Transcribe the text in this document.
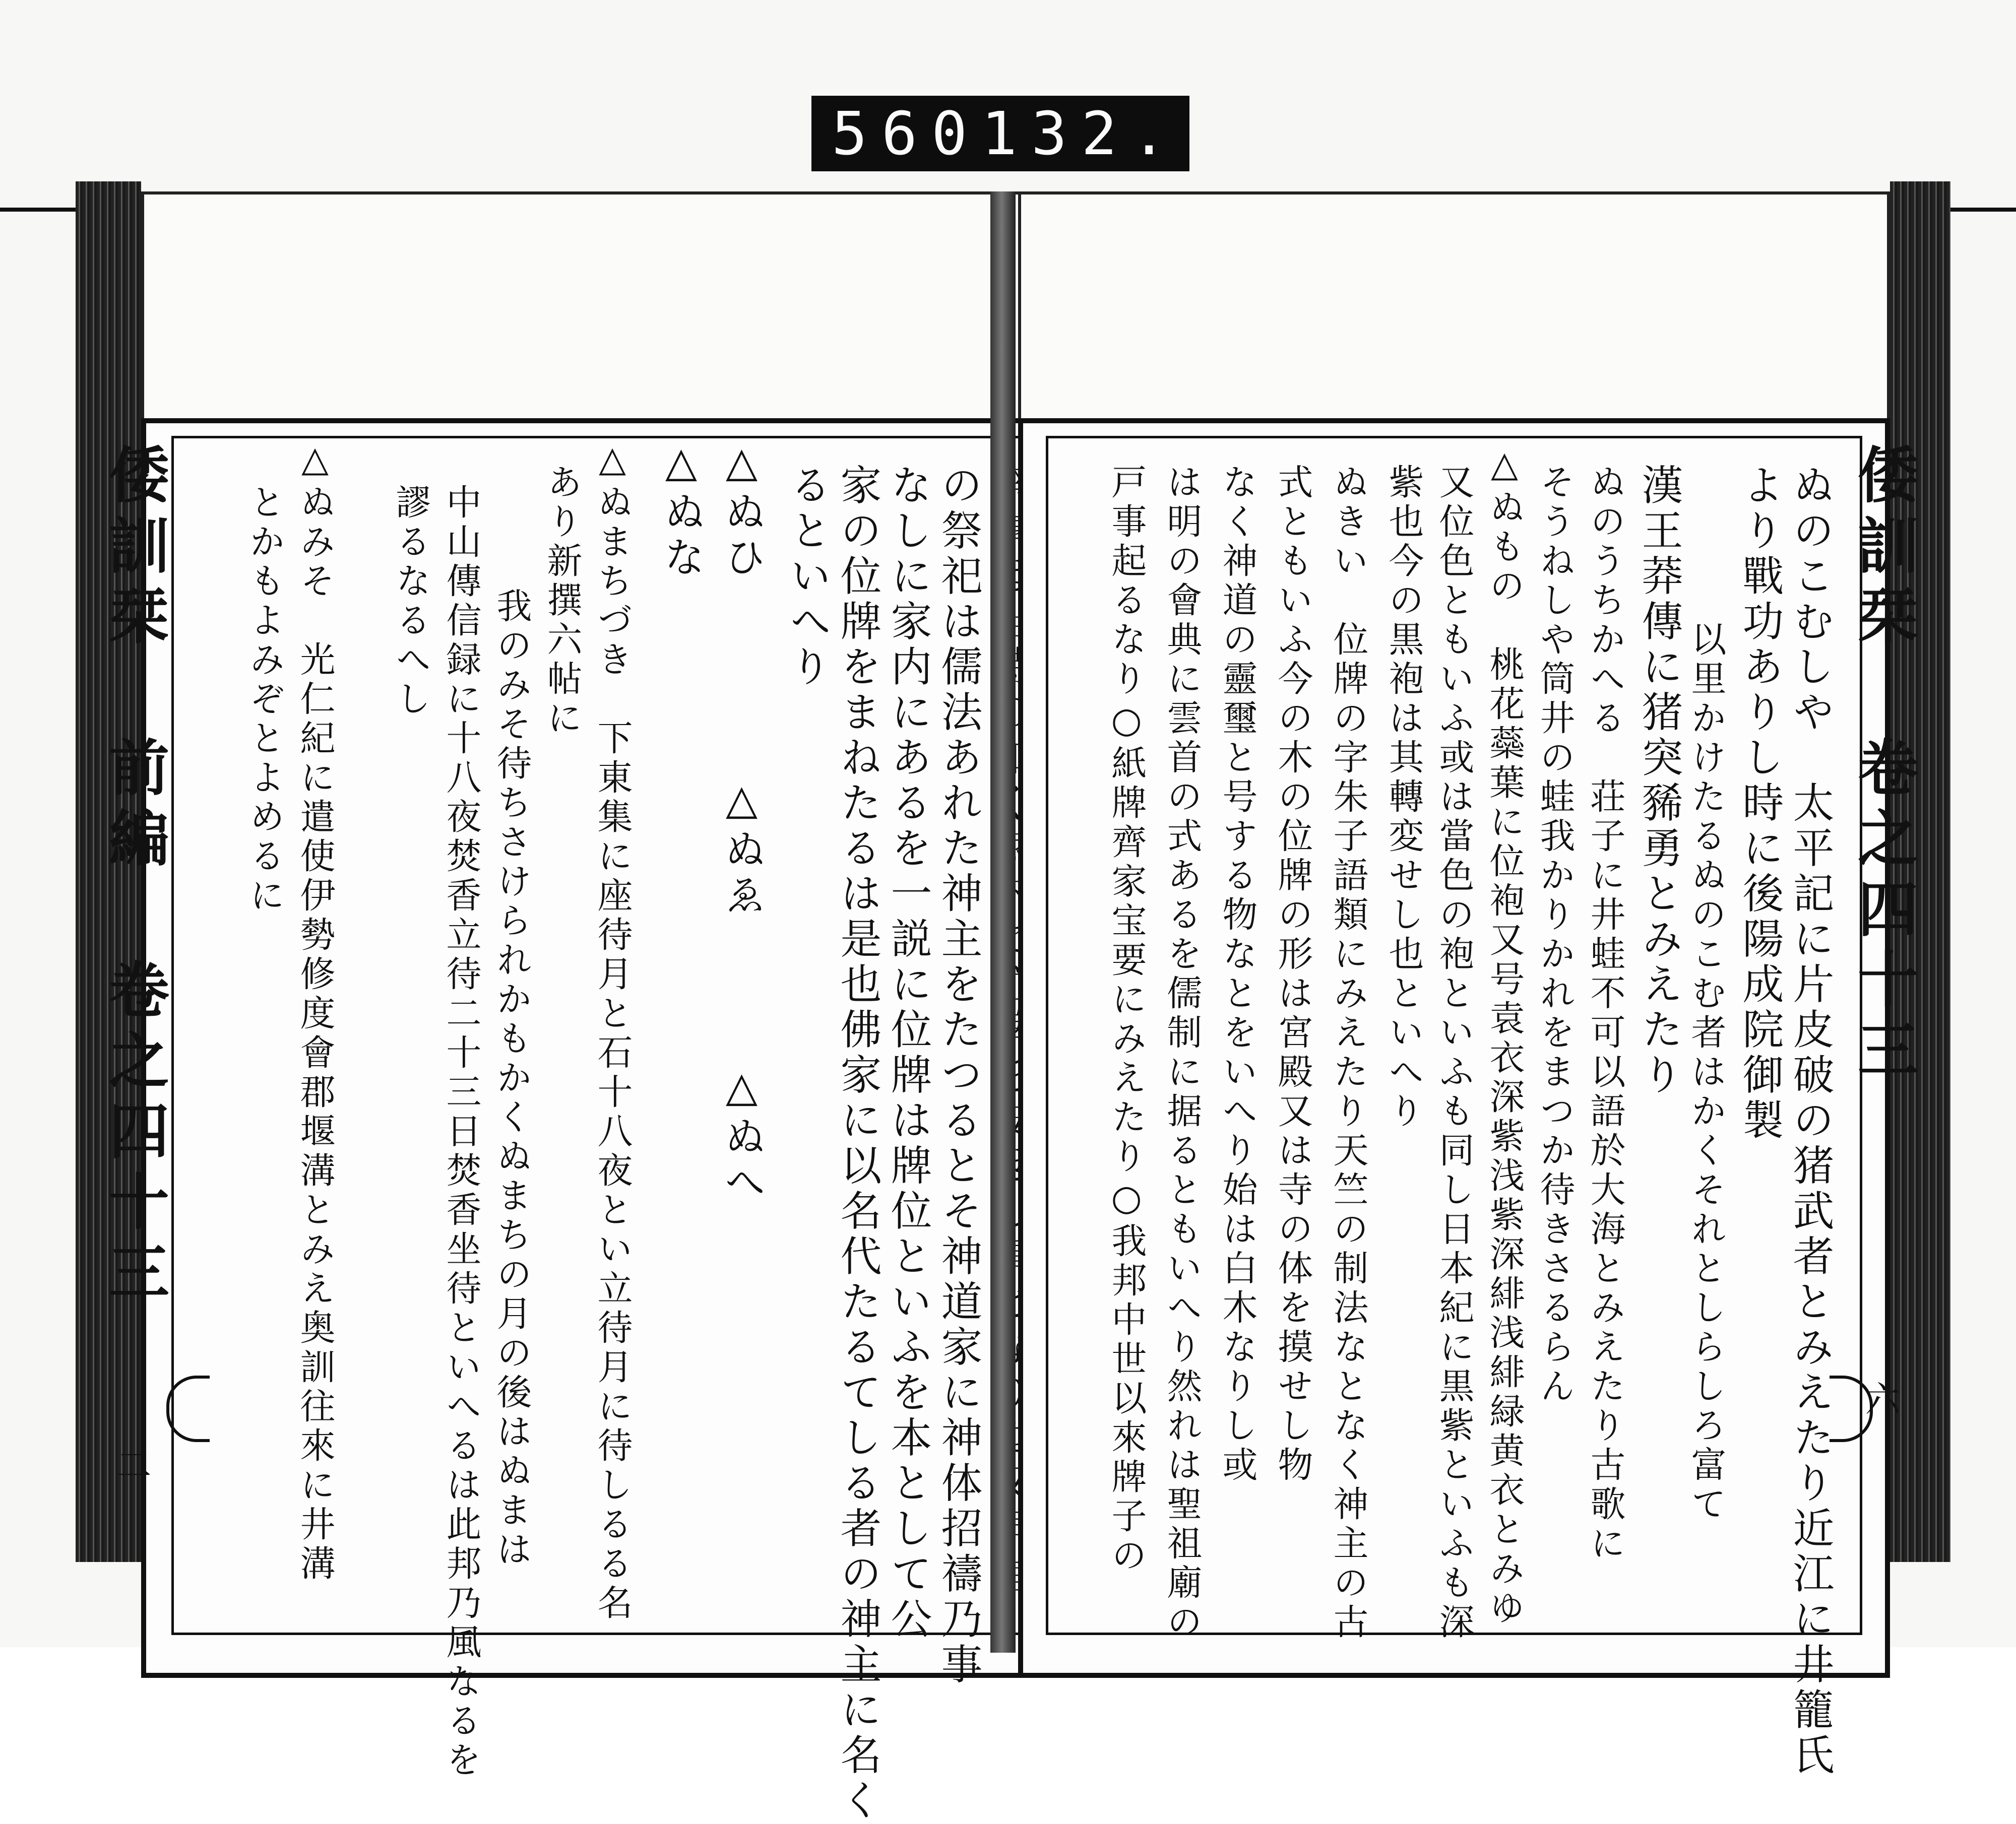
560 132.
倭訓栞 前編 卷之四十三
二	の祭祀は儒法あれた神主をたつるとそ神道家に神体招禱乃事
なしに家内にあるを一説に位牌は牌位といふを本として公
家の位牌をまねたるは是也佛家に以名代たるてしる者の神主に名く
るといへり
△ぬひ
△ぬへ
△ぬな
△ぬゑ
△ぬまちづき　下東集に座待月と石十八夜とい立待月に待しるる名
あり新撰六帖に
　　我のみそ待ちさけられかもかくぬまちの月の後はぬまは
中山傳信録に十八夜焚香立待二十三日焚香坐待といへるは此邦乃風なるを
謬るなるへし
△ぬみそ　光仁紀に遣使伊勢修度會郡堰溝とみえ奥訓往來に井溝
とかもよみぞとよめるに	倭訓栞 卷之四十三
六
ぬのこむしや　太平記に片皮破の猪武者とみえたり近江に井籠氏
より戰功ありし時に後陽成院御製
　　　　以里かけたるぬのこむ者はかくそれとしらしろ富て
漢王莽傳に猪突豨勇とみえたり
ぬのうちかへる　荘子に井蛙不可以語於大海とみえたり古歌に
そうねしや筒井の蛙我かりかれをまつか待きさるらん
△ぬもの　桃花蘂葉に位袍又号袁衣深紫浅紫深緋浅緋緑黄衣とみゆ
又位色ともいふ或は當色の袍といふも同し日本紀に黒紫といふも深
紫也今の黒袍は其轉変せし也といへり
ぬきい　位牌の字朱子語類にみえたり天竺の制法なとなく神主の古
式ともいふ今の木の位牌の形は宮殿又は寺の体を摸せし物
なく神道の靈璽と号する物なとをいへり始は白木なりし或
は明の會典に雲首の式あるを儒制に据るともいへり然れは聖祖廟の
戸事起るなり○紙牌齊家宝要にみえたり○我邦中世以來牌子の
